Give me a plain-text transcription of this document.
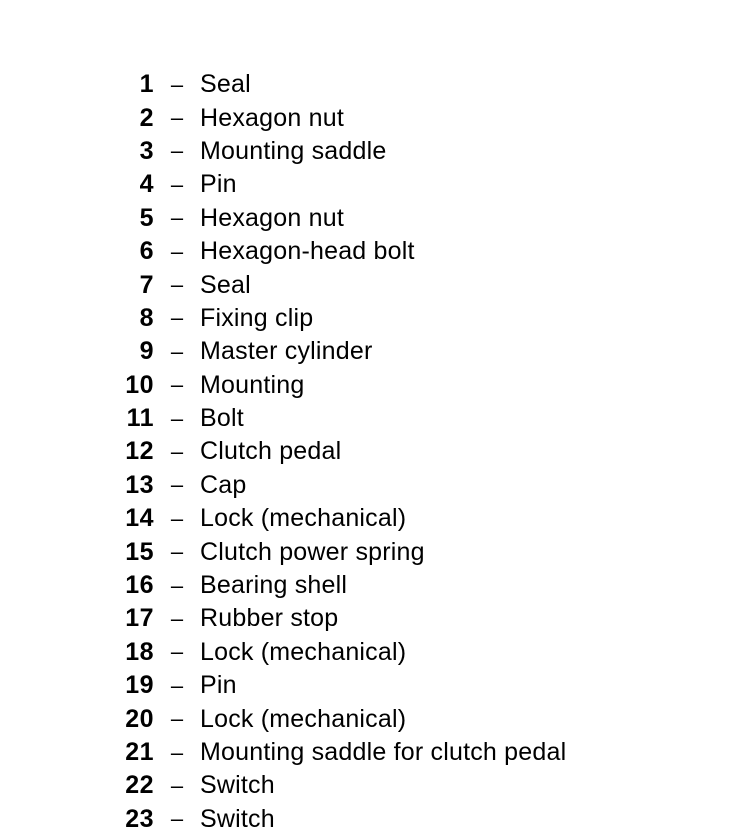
1 – Seal
2 – Hexagon nut
3 – Mounting saddle
4 – Pin
5 – Hexagon nut
6 – Hexagon-head bolt
7 – Seal
8 – Fixing clip
9 – Master cylinder
10 – Mounting
11 – Bolt
12 – Clutch pedal
13 – Cap
14 – Lock (mechanical)
15 – Clutch power spring
16 – Bearing shell
17 – Rubber stop
18 – Lock (mechanical)
19 – Pin
20 – Lock (mechanical)
21 – Mounting saddle for clutch pedal
22 – Switch
23 – Switch
